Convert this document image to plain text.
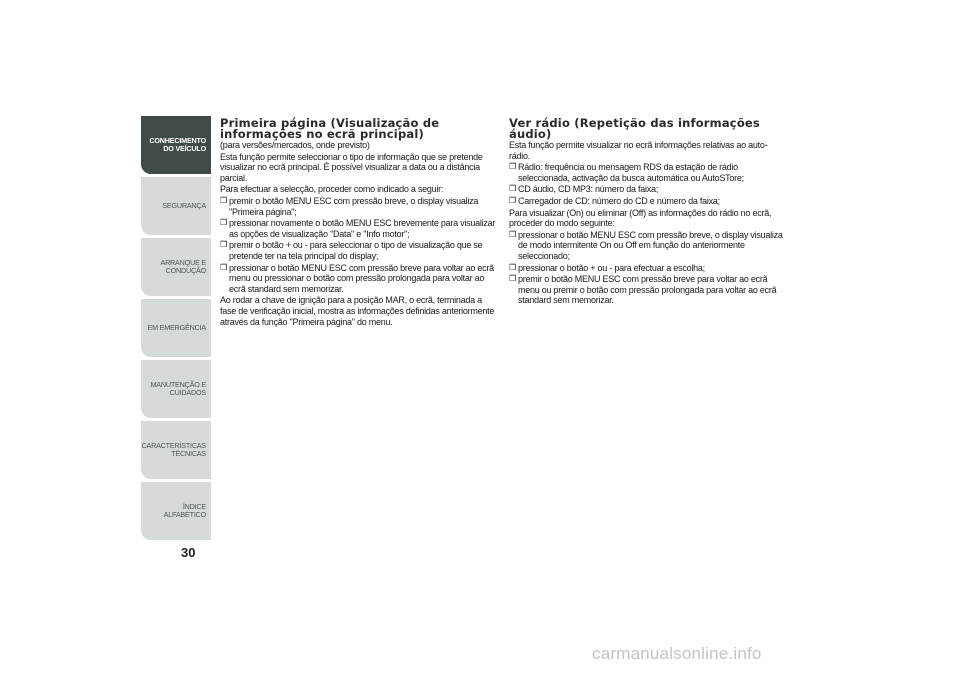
CONHECIMENTO
DO VEÍCULO
SEGURANÇA
ARRANQUE E
CONDUÇÃO
EM EMERGÊNCIA
MANUTENÇÃO E
CUIDADOS
CARACTERÍSTICAS
TÉCNICAS
ÍNDICE ALFABÉTICO
30
Primeira página (Visualização de informações no ecrã principal)

(para versões/mercados, onde previsto)

Esta função permite seleccionar o tipo de informação que se pretende visualizar no ecrã principal. É possível visualizar a data ou a distância parcial.

Para efectuar a selecção, proceder como indicado a seguir:

❒ premir o botão MENU ESC com pressão breve, o display visualiza "Primeira página";
❒ pressionar novamente o botão MENU ESC brevemente para visualizar as opções de visualização "Data" e "Info motor";
❒ premir o botão + ou - para seleccionar o tipo de visualização que se pretende ter na tela principal do display;
❒ pressionar o botão MENU ESC com pressão breve para voltar ao ecrã menu ou pressionar o botão com pressão prolongada para voltar ao ecrã standard sem memorizar.

Ao rodar a chave de ignição para a posição MAR, o ecrã, terminada a fase de verificação inicial, mostra as informações definidas anteriormente através da função "Primeira página" do menu.

Ver rádio (Repetição das informações áudio)

Esta função permite visualizar no ecrã informações relativas ao auto-rádio.

❒ Rádio: frequência ou mensagem RDS da estação de rádio seleccionada, activação da busca automática ou AutoSTore;
❒ CD áudio, CD MP3: número da faixa;
❒ Carregador de CD: número do CD e número da faixa;

Para visualizar (On) ou eliminar (Off) as informações do rádio no ecrã, proceder do modo seguinte:

❒ pressionar o botão MENU ESC com pressão breve, o display visualiza de modo intermitente On ou Off em função do anteriormente seleccionado;
❒ pressionar o botão + ou - para efectuar a escolha;
❒ premir o botão MENU ESC com pressão breve para voltar ao ecrã menu ou premir o botão com pressão prolongada para voltar ao ecrã standard sem memorizar.
carmanualsonline.info
